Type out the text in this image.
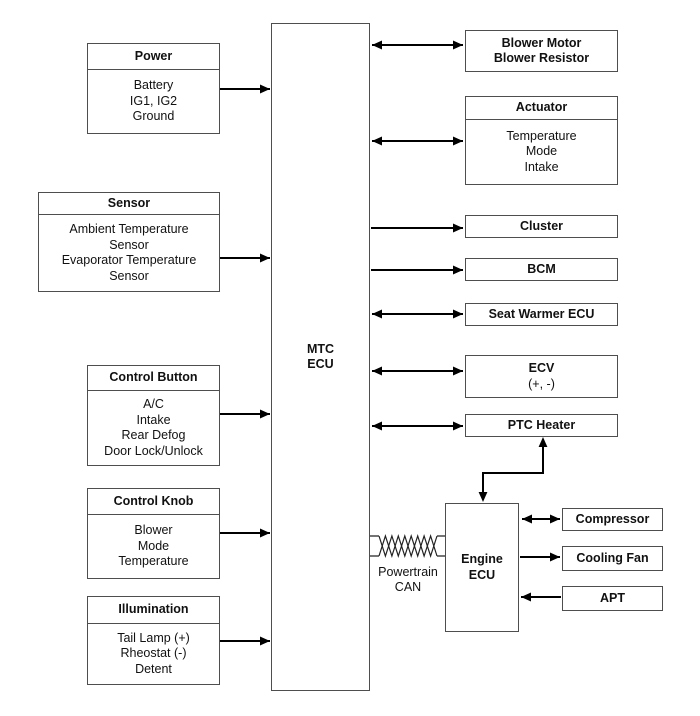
Power
Battery
IG1, IG2
Ground
Sensor
Ambient Temperature
Sensor
Evaporator Temperature
Sensor
Control Button
A/C
Intake
Rear Defog
Door Lock/Unlock
Control Knob
Blower
Mode
Temperature
Illumination
Tail Lamp (+)
Rheostat (-)
Detent
MTC
ECU
Powertrain
CAN
Blower Motor
Blower Resistor
Actuator
Temperature
Mode
Intake
Cluster
BCM
Seat Warmer ECU
ECV
(+, -)
PTC Heater
Engine
ECU
Compressor
Cooling Fan
APT
